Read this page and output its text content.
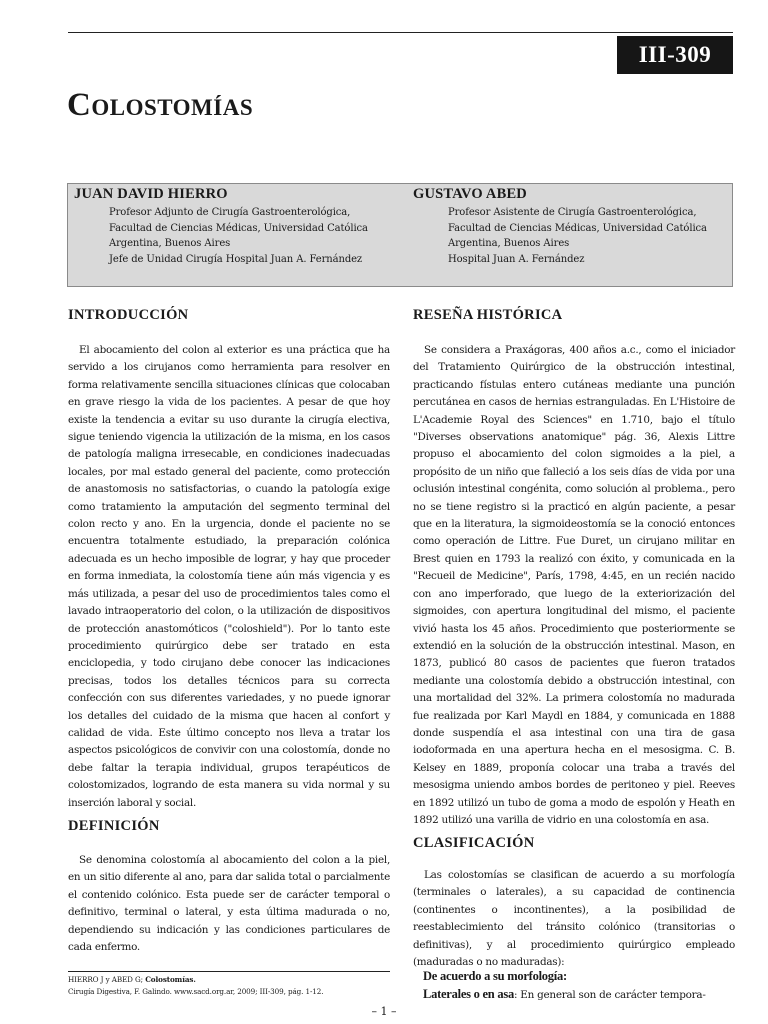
III-309
Colostomías
JUAN DAVID HIERRO
Profesor Adjunto de Cirugía Gastroenterológica,
Facultad de Ciencias Médicas, Universidad Católica
Argentina, Buenos Aires
Jefe de Unidad Cirugía Hospital Juan A. Fernández
GUSTAVO ABED
Profesor Asistente de Cirugía Gastroenterológica,
Facultad de Ciencias Médicas, Universidad Católica
Argentina, Buenos Aires
Hospital Juan A. Fernández
INTRODUCCIÓN

El abocamiento del colon al exterior es una práctica que ha servido a los cirujanos como herramienta para resolver en forma relativamente sencilla situaciones clínicas que colocaban en grave riesgo la vida de los pacientes. A pesar de que hoy existe la tendencia a evitar su uso durante la cirugía electiva, sigue teniendo vigencia la utilización de la misma, en los casos de patología maligna irresecable, en condiciones inadecuadas locales, por mal estado general del paciente, como protección de anastomosis no satisfactorias, o cuando la patología exige como tratamiento la amputación del segmento terminal del colon recto y ano. En la urgencia, donde el paciente no se encuentra totalmente estudiado, la preparación colónica adecuada es un hecho imposible de lograr, y hay que proceder en forma inmediata, la colostomía tiene aún más vigencia y es más utilizada, a pesar del uso de procedimientos tales como el lavado intraoperatorio del colon, o la utilización de dispositivos de protección anastomóticos ("coloshield"). Por lo tanto este procedimiento quirúrgico debe ser tratado en esta enciclopedia, y todo cirujano debe conocer las indicaciones precisas, todos los detalles técnicos para su correcta confección con sus diferentes variedades, y no puede ignorar los detalles del cuidado de la misma que hacen al confort y calidad de vida. Este último concepto nos lleva a tratar los aspectos psicológicos de convivir con una colostomía, donde no debe faltar la terapia individual, grupos terapéuticos de colostomizados, logrando de esta manera su vida normal y su inserción laboral y social.

DEFINICIÓN

Se denomina colostomía al abocamiento del colon a la piel, en un sitio diferente al ano, para dar salida total o parcialmente el contenido colónico. Esta puede ser de carácter temporal o definitivo, terminal o lateral, y esta última madurada o no, dependiendo su indicación y las condiciones particulares de cada enfermo.

RESEÑA HISTÓRICA

Se considera a Praxágoras, 400 años a.c., como el iniciador del Tratamiento Quirúrgico de la obstrucción intestinal, practicando fístulas entero cutáneas mediante una punción percutánea en casos de hernias estranguladas. En L'Histoire de L'Academie Royal des Sciences" en 1.710, bajo el título "Diverses observations anatomique" pág. 36, Alexis Littre propuso el abocamiento del colon sigmoides a la piel, a propósito de un niño que falleció a los seis días de vida por una oclusión intestinal congénita, como solución al problema., pero no se tiene registro si la practicó en algún paciente, a pesar que en la literatura, la sigmoideostomía se la conoció entonces como operación de Littre. Fue Duret, un cirujano militar en Brest quien en 1793 la realizó con éxito, y comunicada en la "Recueil de Medicine", París, 1798, 4:45, en un recién nacido con ano imperforado, que luego de la exteriorización del sigmoides, con apertura longitudinal del mismo, el paciente vivió hasta los 45 años. Procedimiento que posteriormente se extendió en la solución de la obstrucción intestinal. Mason, en 1873, publicó 80 casos de pacientes que fueron tratados mediante una colostomía debido a obstrucción intestinal, con una mortalidad del 32%. La primera colostomía no madurada fue realizada por Karl Maydl en 1884, y comunicada en 1888 donde suspendía el asa intestinal con una tira de gasa iodoformada en una apertura hecha en el mesosigma. C. B. Kelsey en 1889, proponía colocar una traba a través del mesosigma uniendo ambos bordes de peritoneo y piel. Reeves en 1892 utilizó un tubo de goma a modo de espolón y Heath en 1892 utilizó una varilla de vidrio en una colostomía en asa.

CLASIFICACIÓN

Las colostomías se clasifican de acuerdo a su morfología (terminales o laterales), a su capacidad de continencia (continentes o incontinentes), a la posibilidad de reestablecimiento del tránsito colónico (transitorias o definitivas), y al procedimiento quirúrgico empleado (maduradas o no maduradas):

De acuerdo a su morfología:

Laterales o en asa: En general son de carácter tempora-

HIERRO J y ABED G; Colostomías.
Cirugía Digestiva, F. Galindo. www.sacd.org.ar, 2009; III-309, pág. 1-12.
– 1 –
